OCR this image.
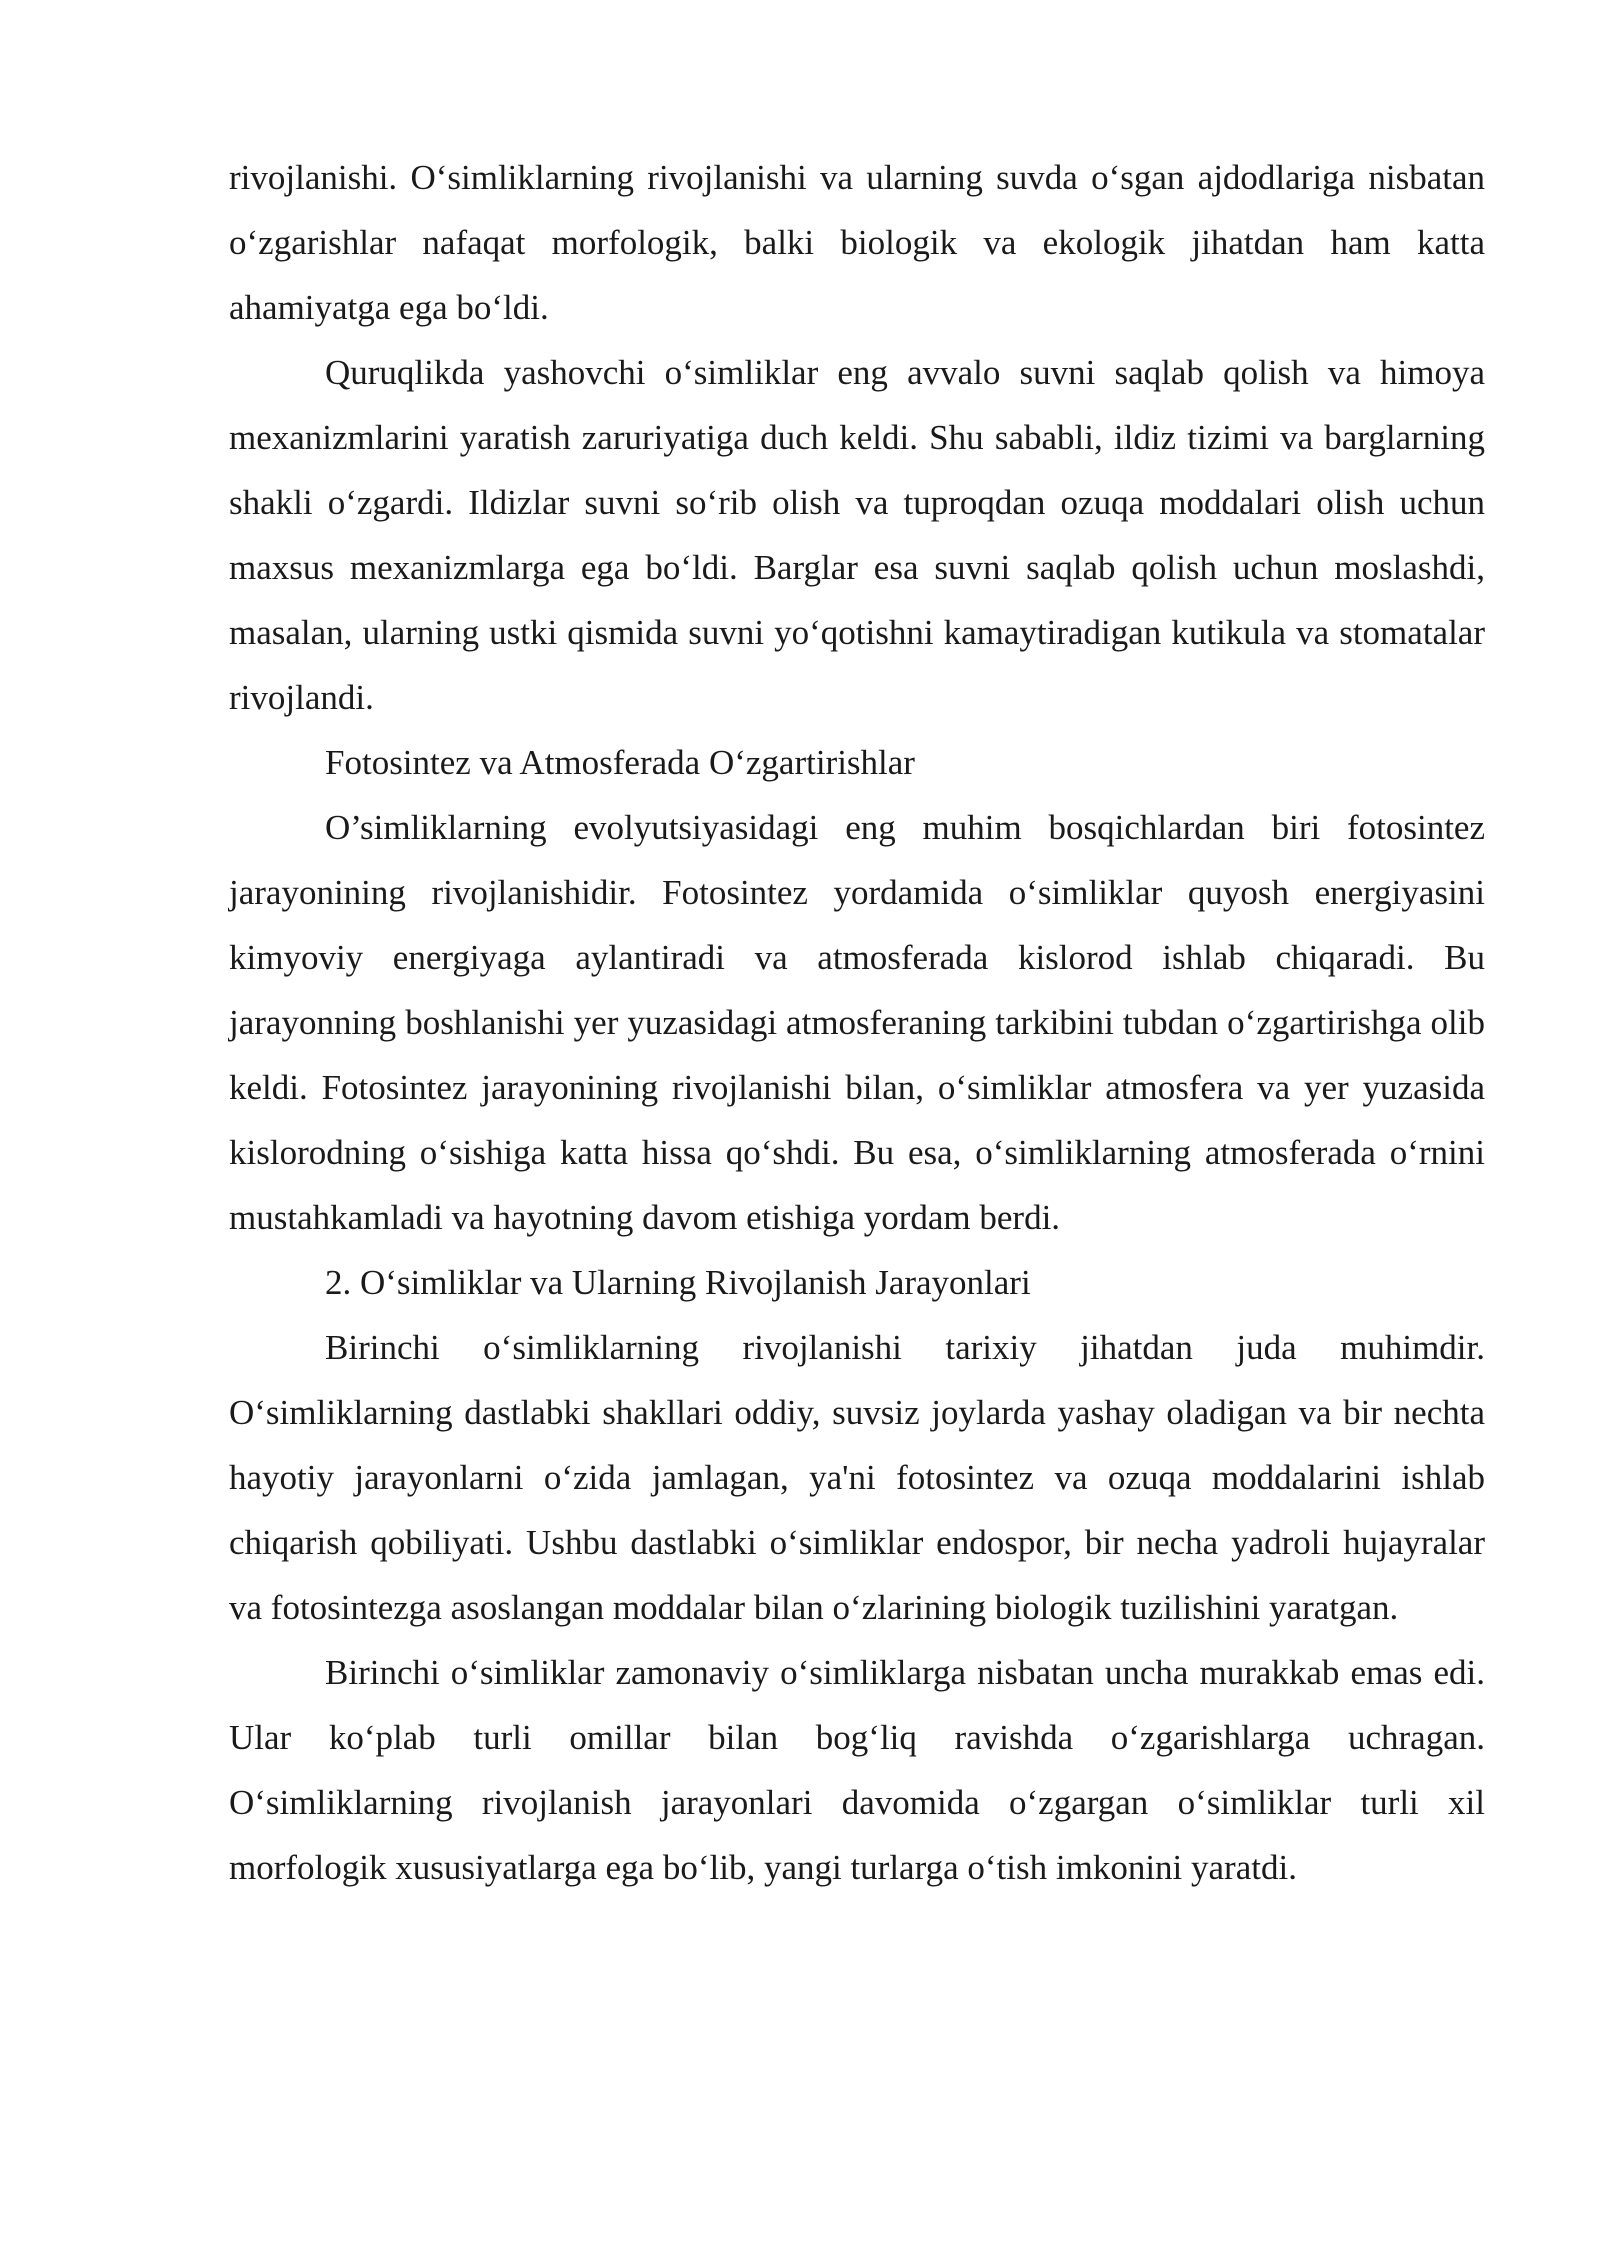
rivojlanishi. O‘simliklarning rivojlanishi va ularning suvda o‘sgan ajdodlariga nisbatan o‘zgarishlar nafaqat morfologik, balki biologik va ekologik jihatdan ham katta ahamiyatga ega bo‘ldi.

Quruqlikda yashovchi o‘simliklar eng avvalo suvni saqlab qolish va himoya mexanizmlarini yaratish zaruriyatiga duch keldi. Shu sababli, ildiz tizimi va barglarning shakli o‘zgardi. Ildizlar suvni so‘rib olish va tuproqdan ozuqa moddalari olish uchun maxsus mexanizmlarga ega bo‘ldi. Barglar esa suvni saqlab qolish uchun moslashdi, masalan, ularning ustki qismida suvni yo‘qotishni kamaytiradigan kutikula va stomatalar rivojlandi.

Fotosintez va Atmosferada O‘zgartirishlar

O’simliklarning evolyutsiyasidagi eng muhim bosqichlardan biri fotosintez jarayonining rivojlanishidir. Fotosintez yordamida o‘simliklar quyosh energiyasini kimyoviy energiyaga aylantiradi va atmosferada kislorod ishlab chiqaradi. Bu jarayonning boshlanishi yer yuzasidagi atmosferaning tarkibini tubdan o‘zgartirishga olib keldi. Fotosintez jarayonining rivojlanishi bilan, o‘simliklar atmosfera va yer yuzasida kislorodning o‘sishiga katta hissa qo‘shdi. Bu esa, o‘simliklarning atmosferada o‘rnini mustahkamladi va hayotning davom etishiga yordam berdi.

2. O‘simliklar va Ularning Rivojlanish Jarayonlari

Birinchi o‘simliklarning rivojlanishi tarixiy jihatdan juda muhimdir. O‘simliklarning dastlabki shakllari oddiy, suvsiz joylarda yashay oladigan va bir nechta hayotiy jarayonlarni o‘zida jamlagan, ya'ni fotosintez va ozuqa moddalarini ishlab chiqarish qobiliyati. Ushbu dastlabki o‘simliklar endospor, bir necha yadroli hujayralar va fotosintezga asoslangan moddalar bilan o‘zlarining biologik tuzilishini yaratgan.

Birinchi o‘simliklar zamonaviy o‘simliklarga nisbatan uncha murakkab emas edi. Ular ko‘plab turli omillar bilan bog‘liq ravishda o‘zgarishlarga uchragan. O‘simliklarning rivojlanish jarayonlari davomida o‘zgargan o‘simliklar turli xil morfologik xususiyatlarga ega bo‘lib, yangi turlarga o‘tish imkonini yaratdi.
